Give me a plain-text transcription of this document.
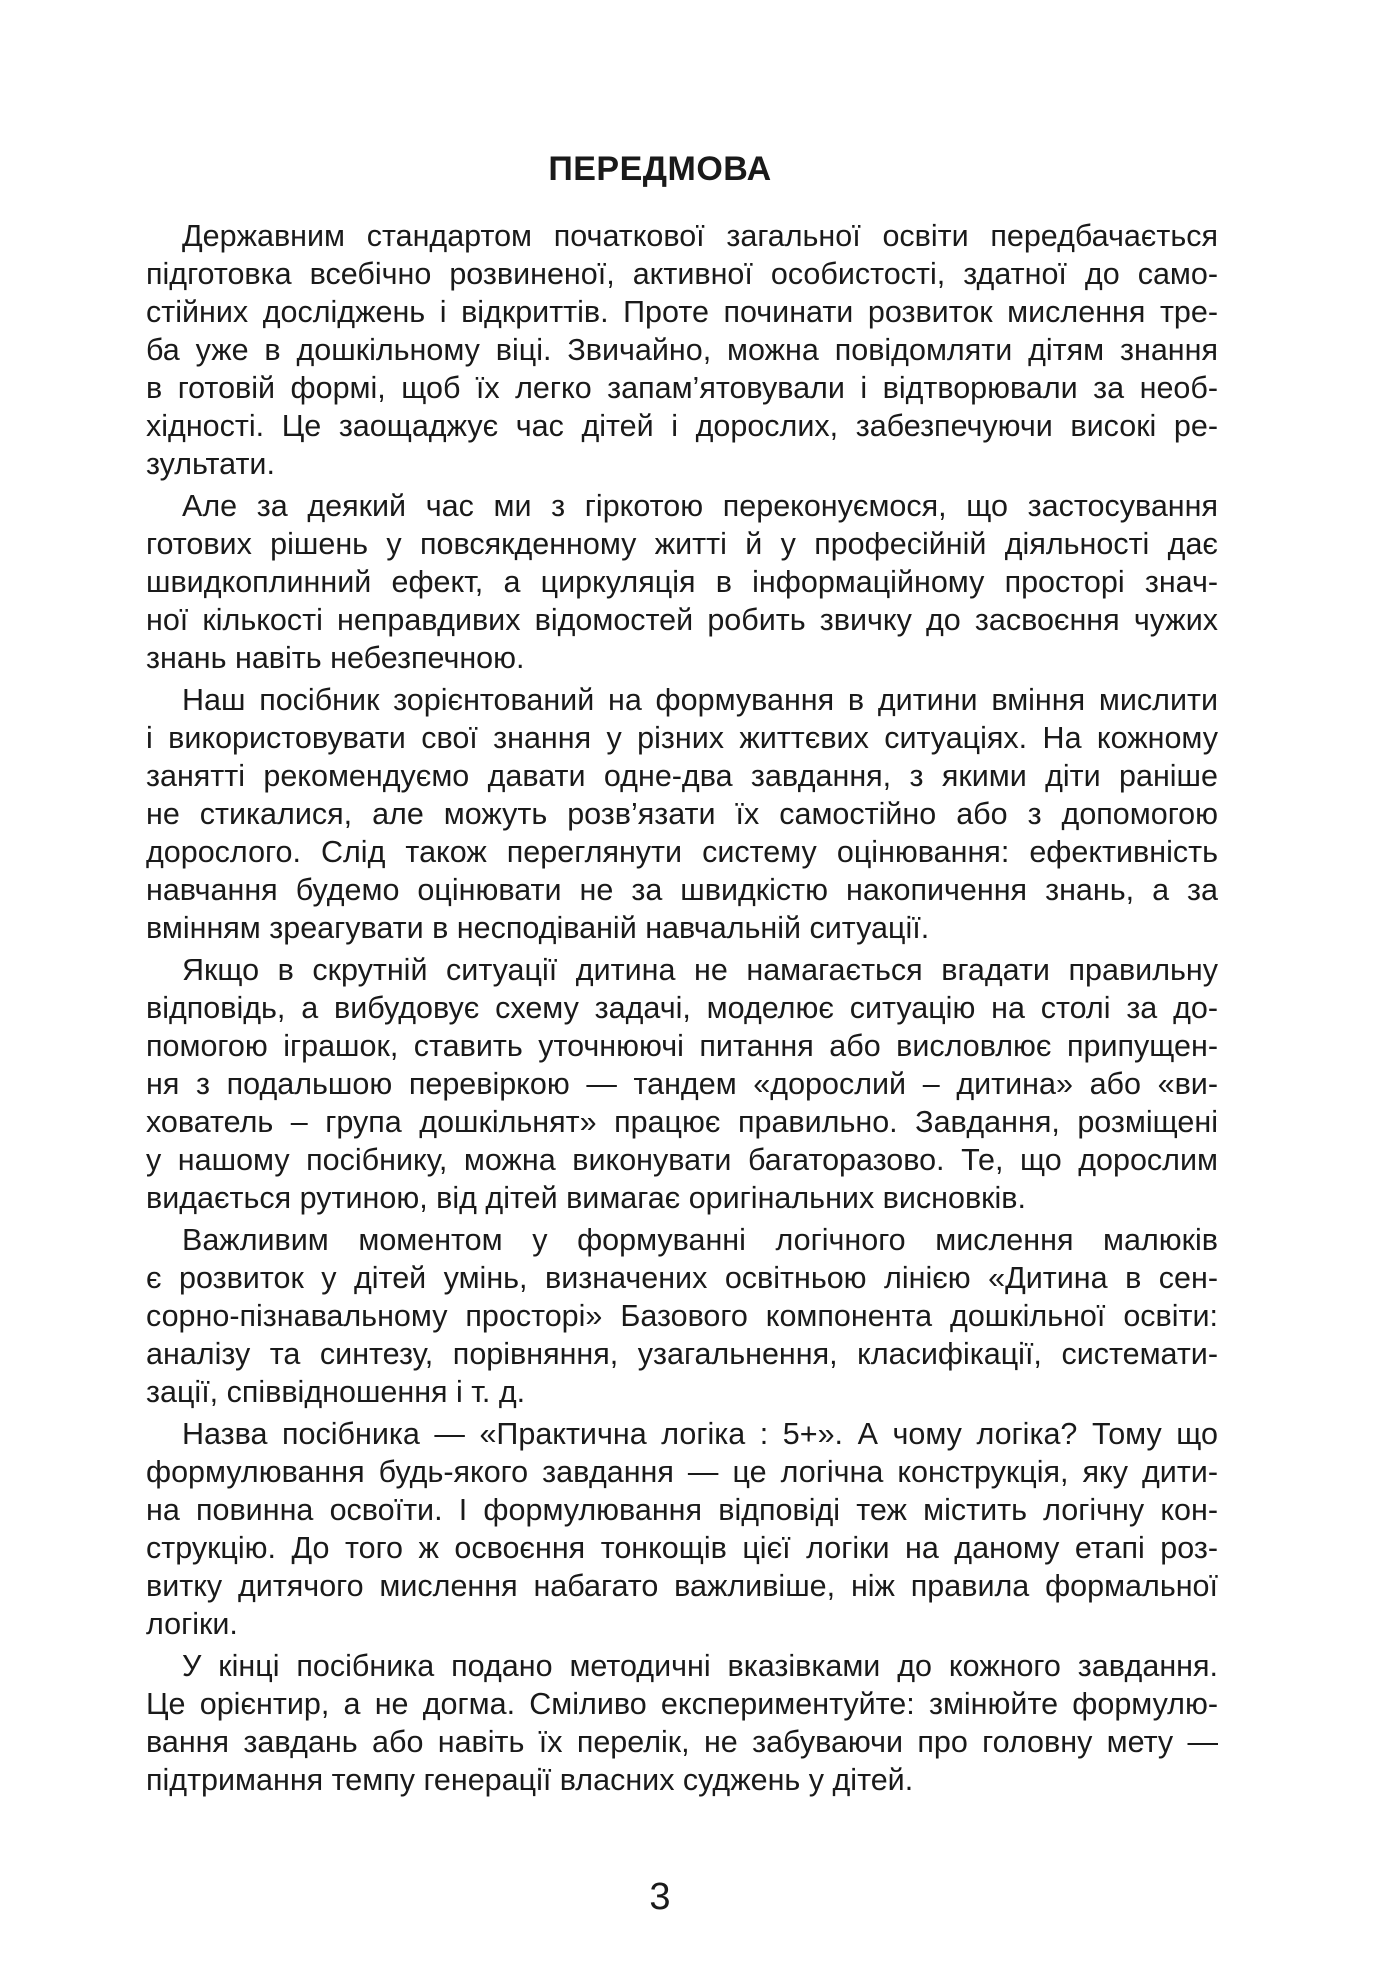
ПЕРЕДМОВА
Державним стандартом початкової загальної освіти передбачається
підготовка всебічно розвиненої, активної особистості, здатної до само-
стійних досліджень і відкриттів. Проте починати розвиток мислення тре-
ба уже в дошкільному віці. Звичайно, можна повідомляти дітям знання
в готовій формі, щоб їх легко запам’ятовували і відтворювали за необ-
хідності. Це заощаджує час дітей і дорослих, забезпечуючи високі ре-
зультати.
Але за деякий час ми з гіркотою переконуємося, що застосування
готових рішень у повсякденному житті й у професійній діяльності дає
швидкоплинний ефект, а циркуляція в інформаційному просторі знач-
ної кількості неправдивих відомостей робить звичку до засвоєння чужих
знань навіть небезпечною.
Наш посібник зорієнтований на формування в дитини вміння мислити
і використовувати свої знання у різних життєвих ситуаціях. На кожному
занятті рекомендуємо давати одне-два завдання, з якими діти раніше
не стикалися, але можуть розв’язати їх самостійно або з допомогою
дорослого. Слід також переглянути систему оцінювання: ефективність
навчання будемо оцінювати не за швидкістю накопичення знань, а за
вмінням зреагувати в несподіваній навчальній ситуації.
Якщо в скрутній ситуації дитина не намагається вгадати правильну
відповідь, а вибудовує схему задачі, моделює ситуацію на столі за до-
помогою іграшок, ставить уточнюючі питання або висловлює припущен-
ня з подальшою перевіркою — тандем «дорослий – дитина» або «ви-
хователь – група дошкільнят» працює правильно. Завдання, розміщені
у нашому посібнику, можна виконувати багаторазово. Те, що дорослим
видається рутиною, від дітей вимагає оригінальних висновків.
Важливим моментом у формуванні логічного мислення малюків
є розвиток у дітей умінь, визначених освітньою лінією «Дитина в сен-
сорно-пізнавальному просторі» Базового компонента дошкільної освіти:
аналізу та синтезу, порівняння, узагальнення, класифікації, системати-
зації, співвідношення і т. д.
Назва посібника — «Практична логіка : 5+». А чому логіка? Тому що
формулювання будь-якого завдання — це логічна конструкція, яку дити-
на повинна освоїти. І формулювання відповіді теж містить логічну кон-
струкцію. До того ж освоєння тонкощів цієї логіки на даному етапі роз-
витку дитячого мислення набагато важливіше, ніж правила формальної
логіки.
У кінці посібника подано методичні вказівками до кожного завдання.
Це орієнтир, а не догма. Сміливо експериментуйте: змінюйте формулю-
вання завдань або навіть їх перелік, не забуваючи про головну мету —
підтримання темпу генерації власних суджень у дітей.
3
